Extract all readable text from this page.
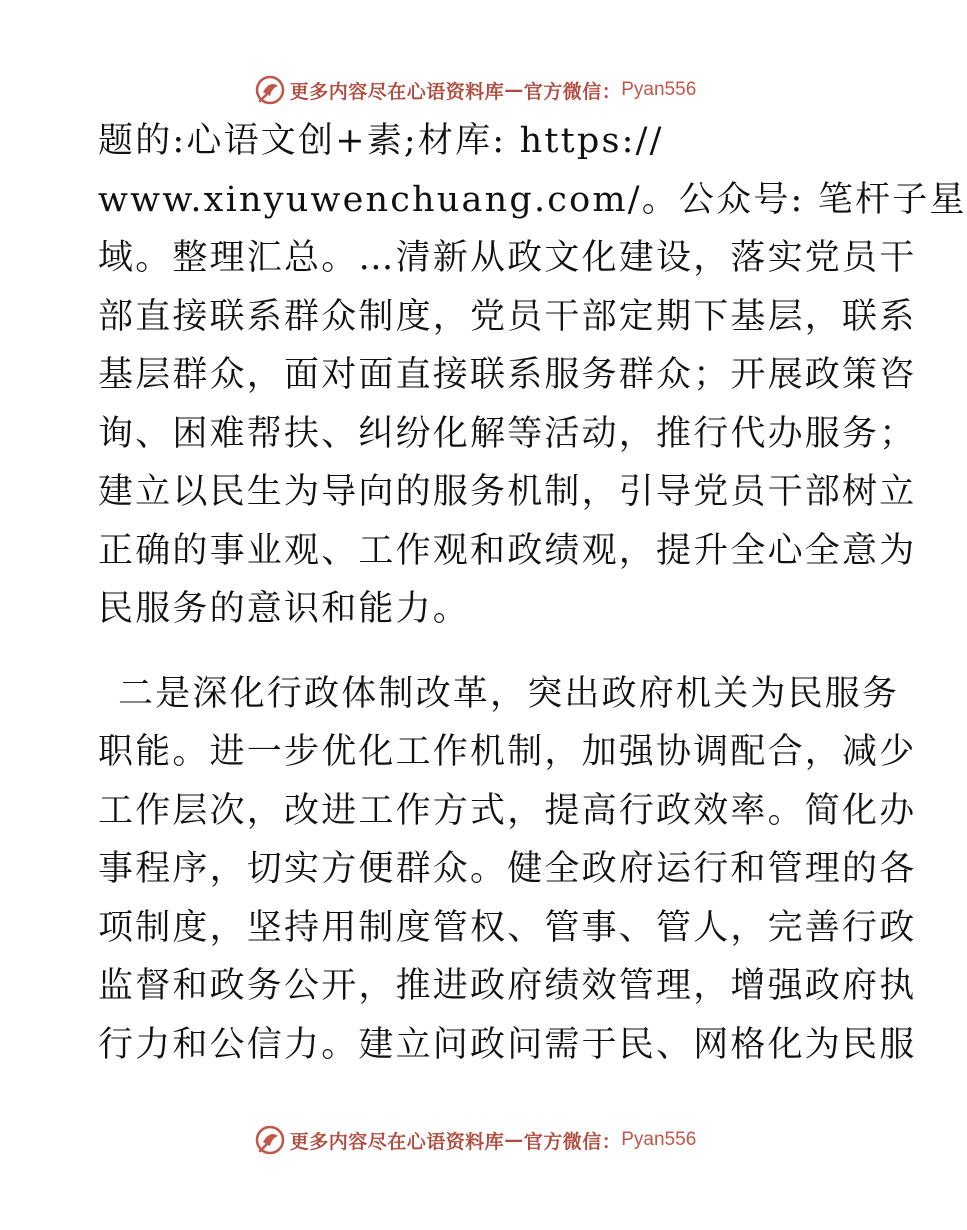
更多内容尽在心语资料库 — 官方微信： Pyan556
题的:心语文创+素;材库: https://
www.xinyuwenchuang.com/。公众号: 笔杆子星
域。整理汇总。…清新从政文化建设，落实党员干
部直接联系群众制度，党员干部定期下基层，联系
基层群众，面对面直接联系服务群众；开展政策咨
询、困难帮扶、纠纷化解等活动，推行代办服务；
建立以民生为导向的服务机制，引导党员干部树立
正确的事业观、工作观和政绩观，提升全心全意为
民服务的意识和能力。
二是深化行政体制改革，突出政府机关为民服务
职能。进一步优化工作机制，加强协调配合，减少
工作层次，改进工作方式，提高行政效率。简化办
事程序，切实方便群众。健全政府运行和管理的各
项制度，坚持用制度管权、管事、管人，完善行政
监督和政务公开，推进政府绩效管理，增强政府执
行力和公信力。建立问政问需于民、网格化为民服
更多内容尽在心语资料库 — 官方微信： Pyan556
